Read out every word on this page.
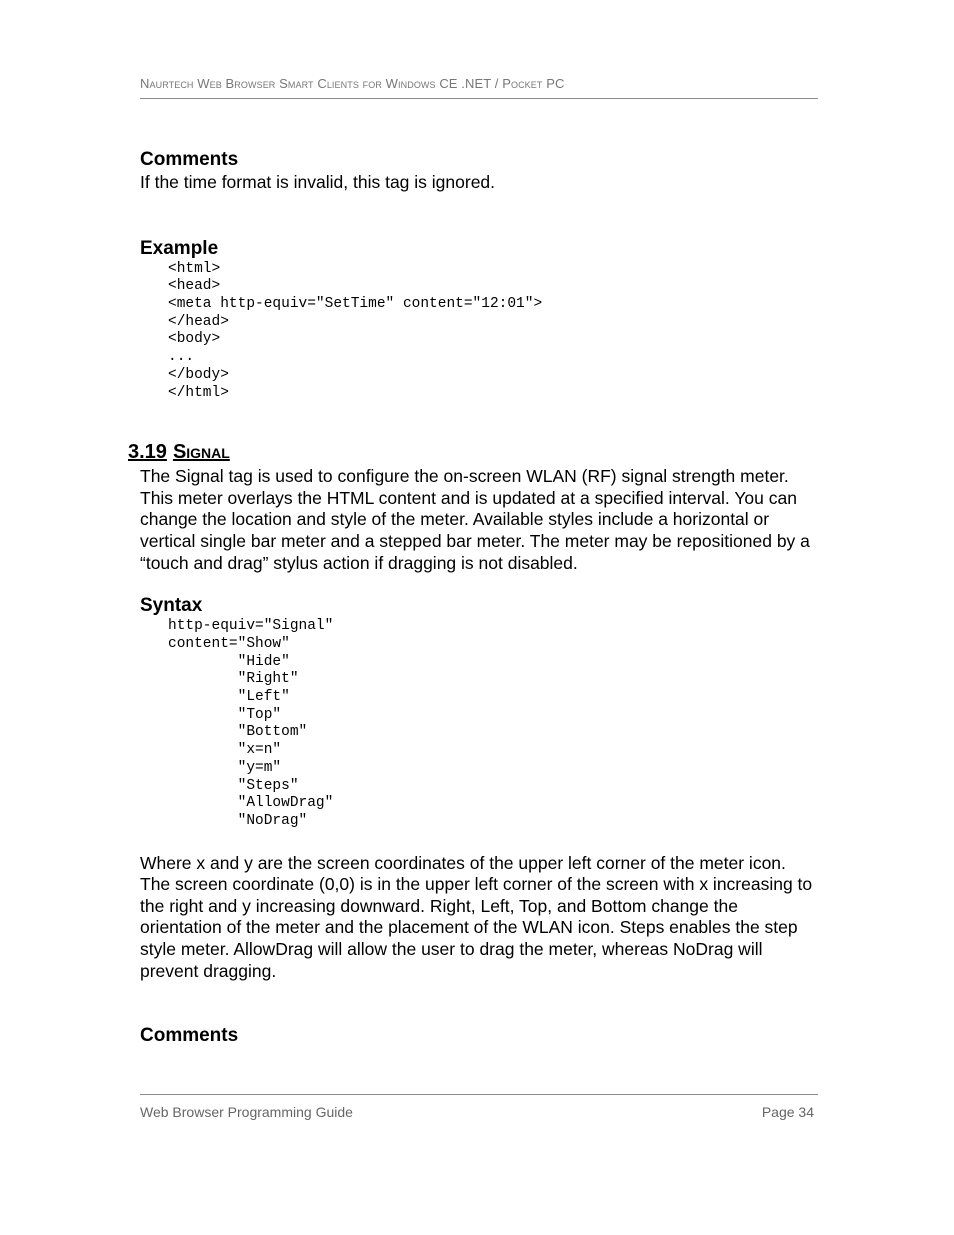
Naurtech Web Browser Smart Clients for Windows CE .NET / Pocket PC
Comments

If the time format is invalid, this tag is ignored.

Example
<html>
<head>
<meta http-equiv="SetTime" content="12:01">
</head>
<body>
...
</body>
</html>
3.19 Signal

The Signal tag is used to configure the on-screen WLAN (RF) signal strength meter. This meter overlays the HTML content and is updated at a specified interval. You can change the location and style of the meter. Available styles include a horizontal or vertical single bar meter and a stepped bar meter. The meter may be repositioned by a “touch and drag” stylus action if dragging is not disabled.

Syntax
http-equiv="Signal"
content="Show"
"Hide"
"Right"
"Left"
"Top"
"Bottom"
"x=n"
"y=m"
"Steps"
"AllowDrag"
"NoDrag"

Where x and y are the screen coordinates of the upper left corner of the meter icon. The screen coordinate (0,0) is in the upper left corner of the screen with x increasing to the right and y increasing downward. Right, Left, Top, and Bottom change the orientation of the meter and the placement of the WLAN icon. Steps enables the step style meter. AllowDrag will allow the user to drag the meter, whereas NoDrag will prevent dragging.

Comments
Web Browser Programming Guide	Page 34
